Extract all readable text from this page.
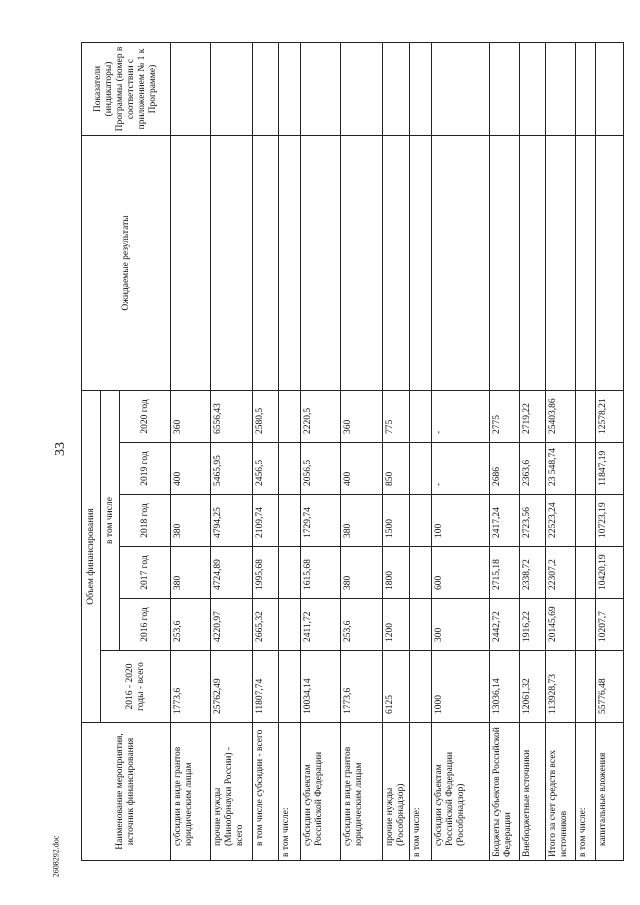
33
Наименование мероприятия, источник финансирования	Объем финансирования						Ожидаемые результаты	Показатели (индикаторы) Программы (номер в соответствии с приложением № 1 к Программе)
	2016 - 2020 годы - всего	в том числе						
		2016 год	2017 год	2018 год	2019 год	2020 год		
субсидии в виде грантов юридическим лицам	1773,6	253,6	380	380	400	360		
прочие нужды (Минобрнауки России) - всего	25762,49	4220,97	4724,89	4794,25	5465,95	6556,43		
в том числе субсидии - всего	11807,74	2665,32	1995,68	2109,74	2456,5	2580,5		
в том числе:								
субсидии субъектам Российской Федерации	10034,14	2411,72	1615,68	1729,74	2056,5	2220,5		
субсидии в виде грантов юридическим лицам	1773,6	253,6	380	380	400	360		
прочие нужды (Рособрнадзор)	6125	1200	1800	1500	850	775		
в том числе:								
субсидии субъектам Российской Федерации (Рособрнадзор)	1000	300	600	100	-	-		
Бюджеты субъектов Российской Федерации	13036,14	2442,72	2715,18	2417,24	2686	2775		
Внебюджетные источники	12061,32	1916,22	2338,72	2723,56	2363,6	2719,22		
Итого за счет средств всех источников	113928,73	20145,69	22307,2	22523,24	23 548,74	25403,86		
в том числе:								
капитальные вложения	55776,48	10207,7	10420,19	10723,19	11847,19	12578,21		
2608292.doc
